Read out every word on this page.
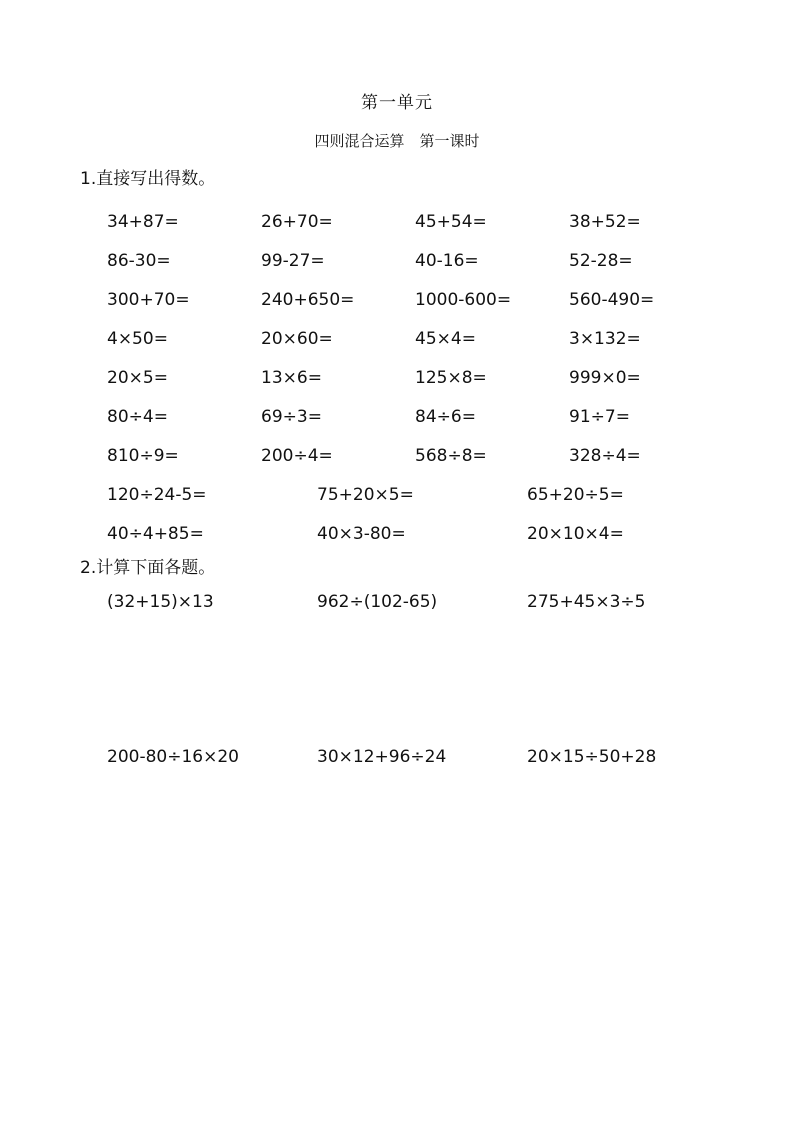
第一单元
四则混合运算　第一课时
1.直接写出得数。
34+87=	26+70=	45+54=	38+52=
86-30=	99-27=	40-16=	52-28=
300+70=	240+650=	1000-600=	560-490=
4×50=	20×60=	45×4=	3×132=
20×5=	13×6=	125×8=	999×0=
80÷4=	69÷3=	84÷6=	91÷7=
810÷9=	200÷4=	568÷8=	328÷4=
120÷24-5=	75+20×5=	65+20÷5=
40÷4+85=	40×3-80=	20×10×4=
2.计算下面各题。
(32+15)×13	962÷(102-65)	275+45×3÷5
200-80÷16×20	30×12+96÷24	20×15÷50+28
